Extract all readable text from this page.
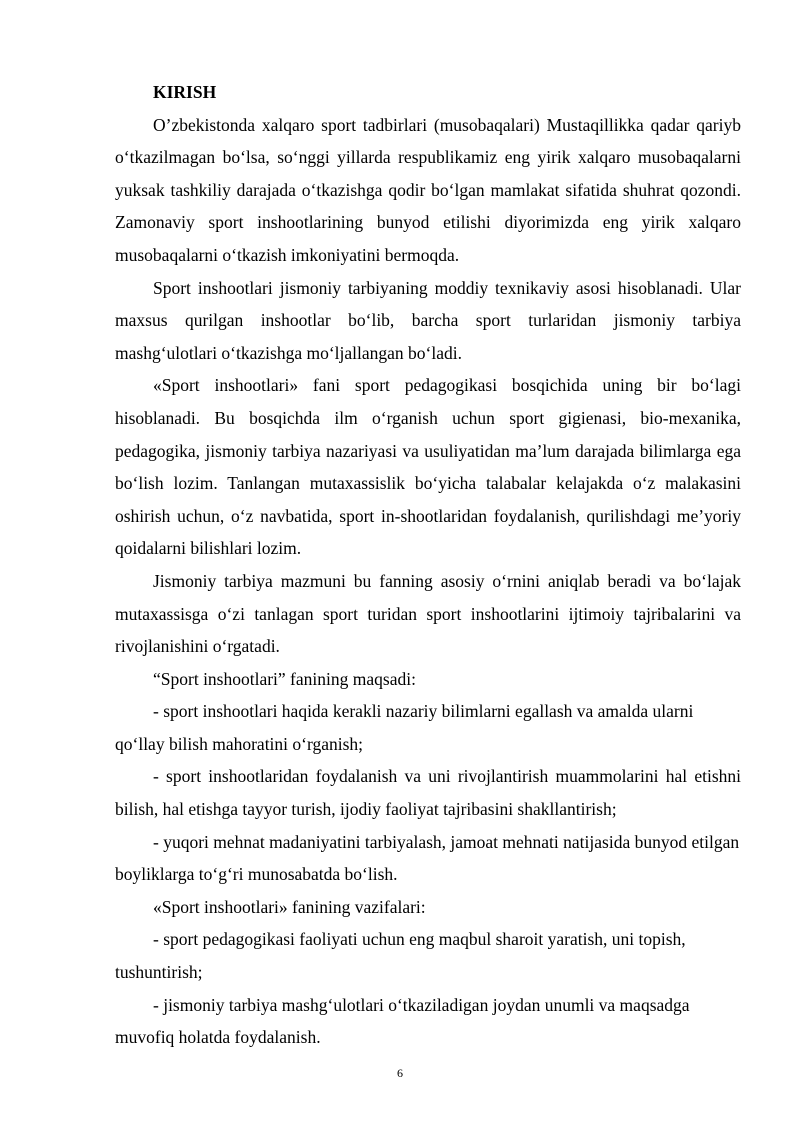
KIRISH

O’zbekistonda xalqaro sport tadbirlari (musobaqalari) Mustaqillikka qadar qariyb o‘tkazilmagan bo‘lsa, so‘nggi yillarda respublikamiz eng yirik xalqaro musobaqalarni yuksak tashkiliy darajada o‘tkazishga qodir bo‘lgan mamlakat sifatida shuhrat qozondi. Zamonaviy sport inshootlarining bunyod etilishi diyorimizda eng yirik xalqaro musobaqalarni o‘tkazish imkoniyatini bermoqda.

Sport inshootlari jismoniy tarbiyaning moddiy texnikaviy asosi hisoblanadi. Ular maxsus qurilgan inshootlar bo‘lib, barcha sport turlaridan jismoniy tarbiya mashg‘ulotlari o‘tkazishga mo‘ljallangan bo‘ladi.

«Sport inshootlari» fani sport pedagogikasi bosqichida uning bir bo‘lagi hisoblanadi. Bu bosqichda ilm o‘rganish uchun sport gigienasi, bio-mexanika, pedagogika, jismoniy tarbiya nazariyasi va usuliyatidan ma’lum darajada bilimlarga ega bo‘lish lozim. Tanlangan mutaxassislik bo‘yicha talabalar kelajakda o‘z malakasini oshirish uchun, o‘z navbatida, sport in-shootlaridan foydalanish, qurilishdagi me’yoriy qoidalarni bilishlari lozim.

Jismoniy tarbiya mazmuni bu fanning asosiy o‘rnini aniqlab beradi va bo‘lajak mutaxassisga o‘zi tanlagan sport turidan sport inshootlarini ijtimoiy tajribalarini va rivojlanishini o‘rgatadi.

“Sport inshootlari” fanining maqsadi:

- sport inshootlari haqida kerakli nazariy bilimlarni egallash va amalda ularni qo‘llay bilish mahoratini o‘rganish;

- sport inshootlaridan foydalanish va uni rivojlantirish muammolarini hal etishni bilish, hal etishga tayyor turish, ijodiy faoliyat tajribasini shakllantirish;

- yuqori mehnat madaniyatini tarbiyalash, jamoat mehnati natijasida bunyod etilgan boyliklarga to‘g‘ri munosabatda bo‘lish.

«Sport inshootlari» fanining vazifalari:

- sport pedagogikasi faoliyati uchun eng maqbul sharoit yaratish, uni topish, tushuntirish;

- jismoniy tarbiya mashg‘ulotlari o‘tkaziladigan joydan unumli va maqsadga muvofiq holatda foydalanish.

6
